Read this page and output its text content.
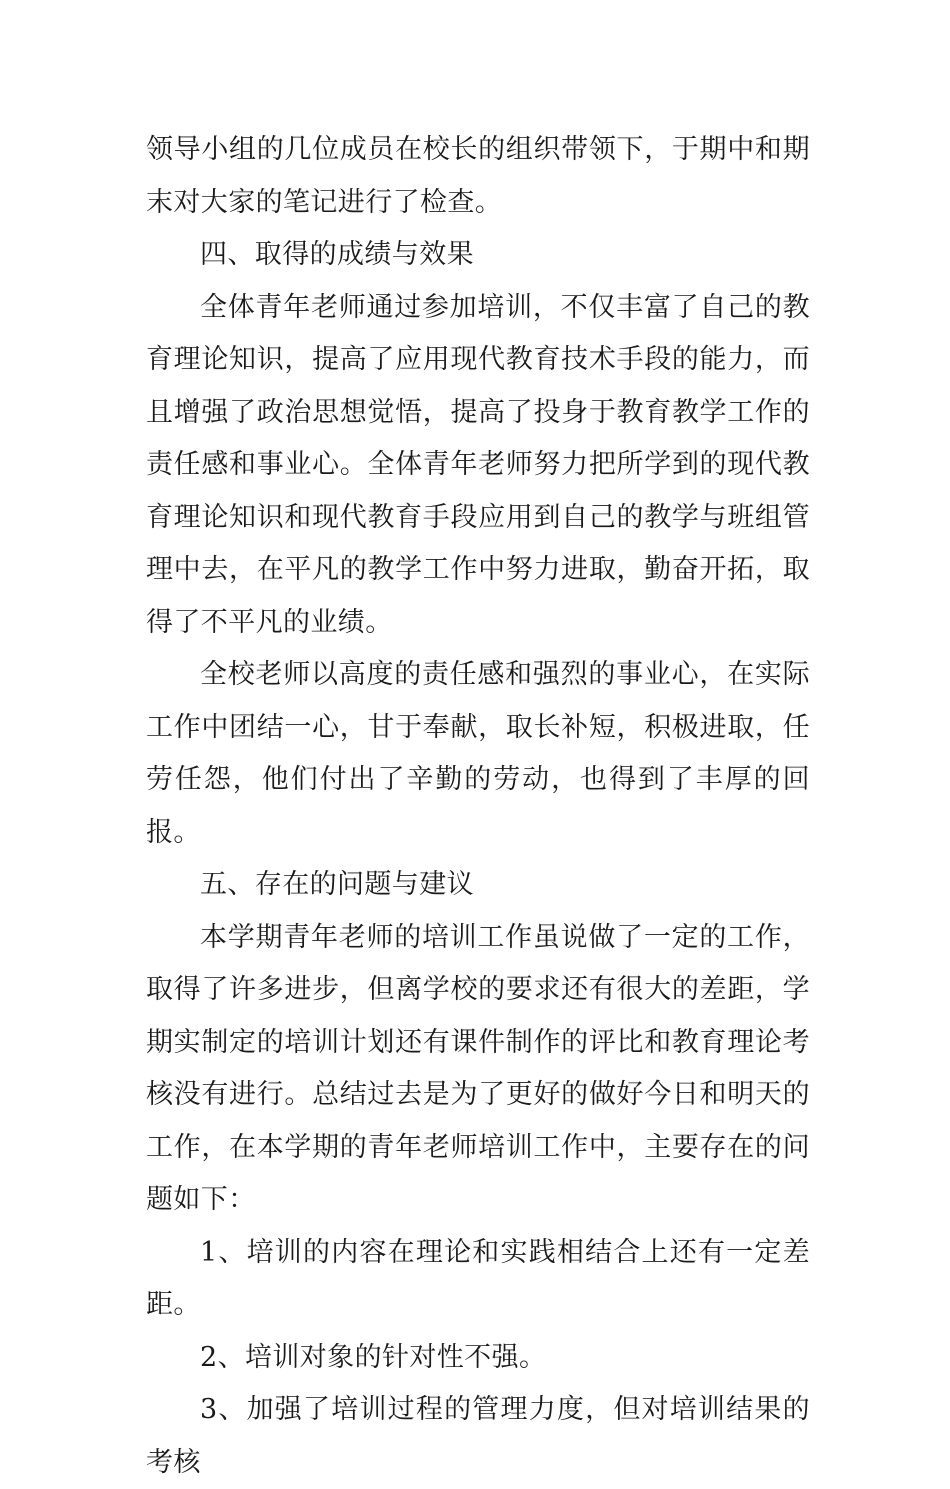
领导小组的几位成员在校长的组织带领下，于期中和期末对大家的笔记进行了检查。

四、取得的成绩与效果

全体青年老师通过参加培训，不仅丰富了自己的教育理论知识，提高了应用现代教育技术手段的能力，而且增强了政治思想觉悟，提高了投身于教育教学工作的责任感和事业心。全体青年老师努力把所学到的现代教育理论知识和现代教育手段应用到自己的教学与班组管理中去，在平凡的教学工作中努力进取，勤奋开拓，取得了不平凡的业绩。

全校老师以高度的责任感和强烈的事业心，在实际工作中团结一心，甘于奉献，取长补短，积极进取，任劳任怨，他们付出了辛勤的劳动，也得到了丰厚的回报。

五、存在的问题与建议

本学期青年老师的培训工作虽说做了一定的工作，取得了许多进步，但离学校的要求还有很大的差距，学期实制定的培训计划还有课件制作的评比和教育理论考核没有进行。总结过去是为了更好的做好今日和明天的工作，在本学期的青年老师培训工作中，主要存在的问题如下：

1、培训的内容在理论和实践相结合上还有一定差距。

2、培训对象的针对性不强。

3、加强了培训过程的管理力度，但对培训结果的考核
